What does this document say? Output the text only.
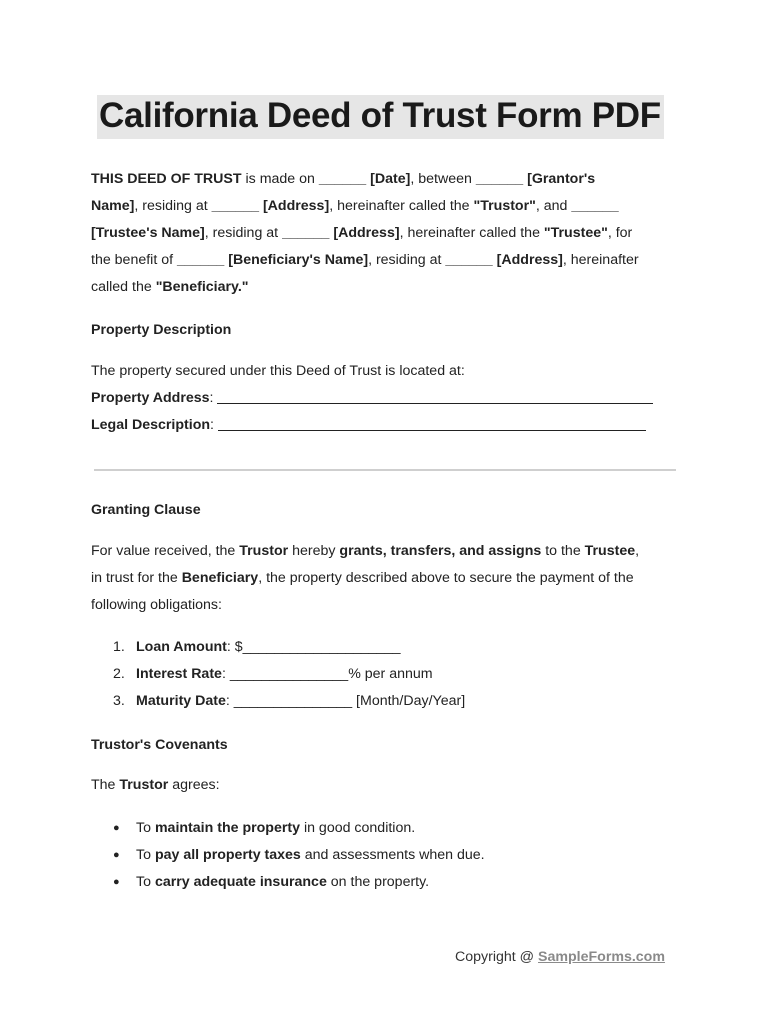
California Deed of Trust Form PDF
THIS DEED OF TRUST is made on ______ [Date], between ______ [Grantor's
Name], residing at ______ [Address], hereinafter called the "Trustor", and ______
[Trustee's Name], residing at ______ [Address], hereinafter called the "Trustee", for
the benefit of ______ [Beneficiary's Name], residing at ______ [Address], hereinafter
called the "Beneficiary."
Property Description
The property secured under this Deed of Trust is located at:
Property Address:
Legal Description:
Granting Clause
For value received, the Trustor hereby grants, transfers, and assigns to the Trustee,
in trust for the Beneficiary, the property described above to secure the payment of the
following obligations:
1. Loan Amount: $____________________
2. Interest Rate: _______________% per annum
3. Maturity Date: _______________ [Month/Day/Year]
Trustor's Covenants
The Trustor agrees:
● To maintain the property in good condition.
● To pay all property taxes and assessments when due.
● To carry adequate insurance on the property.
Copyright @ SampleForms.com
